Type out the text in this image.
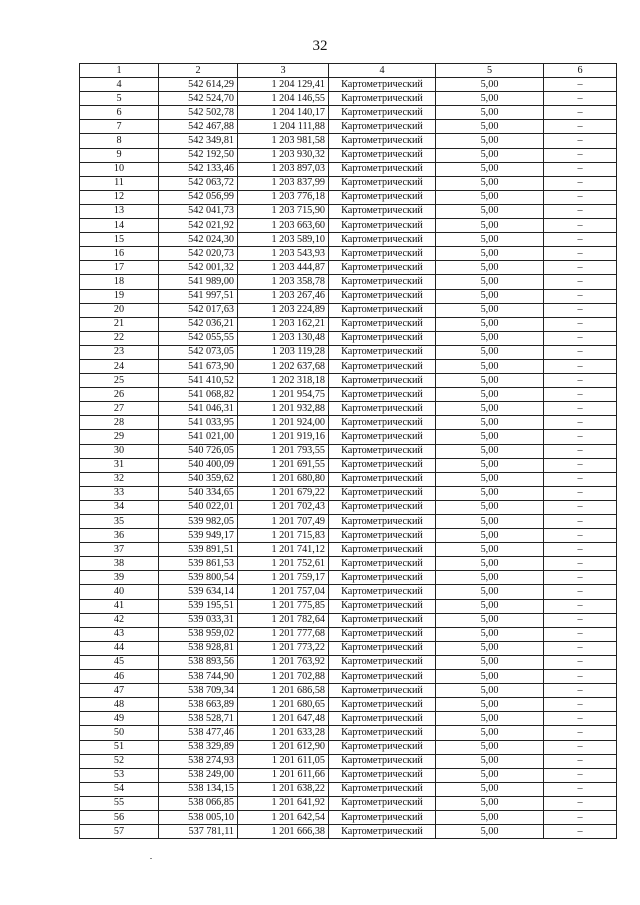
32
1	2	3	4	5	6
4	542 614,29	1 204 129,41	Картометрический	5,00	–
5	542 524,70	1 204 146,55	Картометрический	5,00	–
6	542 502,78	1 204 140,17	Картометрический	5,00	–
7	542 467,88	1 204 111,88	Картометрический	5,00	–
8	542 349,81	1 203 981,58	Картометрический	5,00	–
9	542 192,50	1 203 930,32	Картометрический	5,00	–
10	542 133,46	1 203 897,03	Картометрический	5,00	–
11	542 063,72	1 203 837,99	Картометрический	5,00	–
12	542 056,99	1 203 776,18	Картометрический	5,00	–
13	542 041,73	1 203 715,90	Картометрический	5,00	–
14	542 021,92	1 203 663,60	Картометрический	5,00	–
15	542 024,30	1 203 589,10	Картометрический	5,00	–
16	542 020,73	1 203 543,93	Картометрический	5,00	–
17	542 001,32	1 203 444,87	Картометрический	5,00	–
18	541 989,00	1 203 358,78	Картометрический	5,00	–
19	541 997,51	1 203 267,46	Картометрический	5,00	–
20	542 017,63	1 203 224,89	Картометрический	5,00	–
21	542 036,21	1 203 162,21	Картометрический	5,00	–
22	542 055,55	1 203 130,48	Картометрический	5,00	–
23	542 073,05	1 203 119,28	Картометрический	5,00	–
24	541 673,90	1 202 637,68	Картометрический	5,00	–
25	541 410,52	1 202 318,18	Картометрический	5,00	–
26	541 068,82	1 201 954,75	Картометрический	5,00	–
27	541 046,31	1 201 932,88	Картометрический	5,00	–
28	541 033,95	1 201 924,00	Картометрический	5,00	–
29	541 021,00	1 201 919,16	Картометрический	5,00	–
30	540 726,05	1 201 793,55	Картометрический	5,00	–
31	540 400,09	1 201 691,55	Картометрический	5,00	–
32	540 359,62	1 201 680,80	Картометрический	5,00	–
33	540 334,65	1 201 679,22	Картометрический	5,00	–
34	540 022,01	1 201 702,43	Картометрический	5,00	–
35	539 982,05	1 201 707,49	Картометрический	5,00	–
36	539 949,17	1 201 715,83	Картометрический	5,00	–
37	539 891,51	1 201 741,12	Картометрический	5,00	–
38	539 861,53	1 201 752,61	Картометрический	5,00	–
39	539 800,54	1 201 759,17	Картометрический	5,00	–
40	539 634,14	1 201 757,04	Картометрический	5,00	–
41	539 195,51	1 201 775,85	Картометрический	5,00	–
42	539 033,31	1 201 782,64	Картометрический	5,00	–
43	538 959,02	1 201 777,68	Картометрический	5,00	–
44	538 928,81	1 201 773,22	Картометрический	5,00	–
45	538 893,56	1 201 763,92	Картометрический	5,00	–
46	538 744,90	1 201 702,88	Картометрический	5,00	–
47	538 709,34	1 201 686,58	Картометрический	5,00	–
48	538 663,89	1 201 680,65	Картометрический	5,00	–
49	538 528,71	1 201 647,48	Картометрический	5,00	–
50	538 477,46	1 201 633,28	Картометрический	5,00	–
51	538 329,89	1 201 612,90	Картометрический	5,00	–
52	538 274,93	1 201 611,05	Картометрический	5,00	–
53	538 249,00	1 201 611,66	Картометрический	5,00	–
54	538 134,15	1 201 638,22	Картометрический	5,00	–
55	538 066,85	1 201 641,92	Картометрический	5,00	–
56	538 005,10	1 201 642,54	Картометрический	5,00	–
57	537 781,11	1 201 666,38	Картометрический	5,00	–
